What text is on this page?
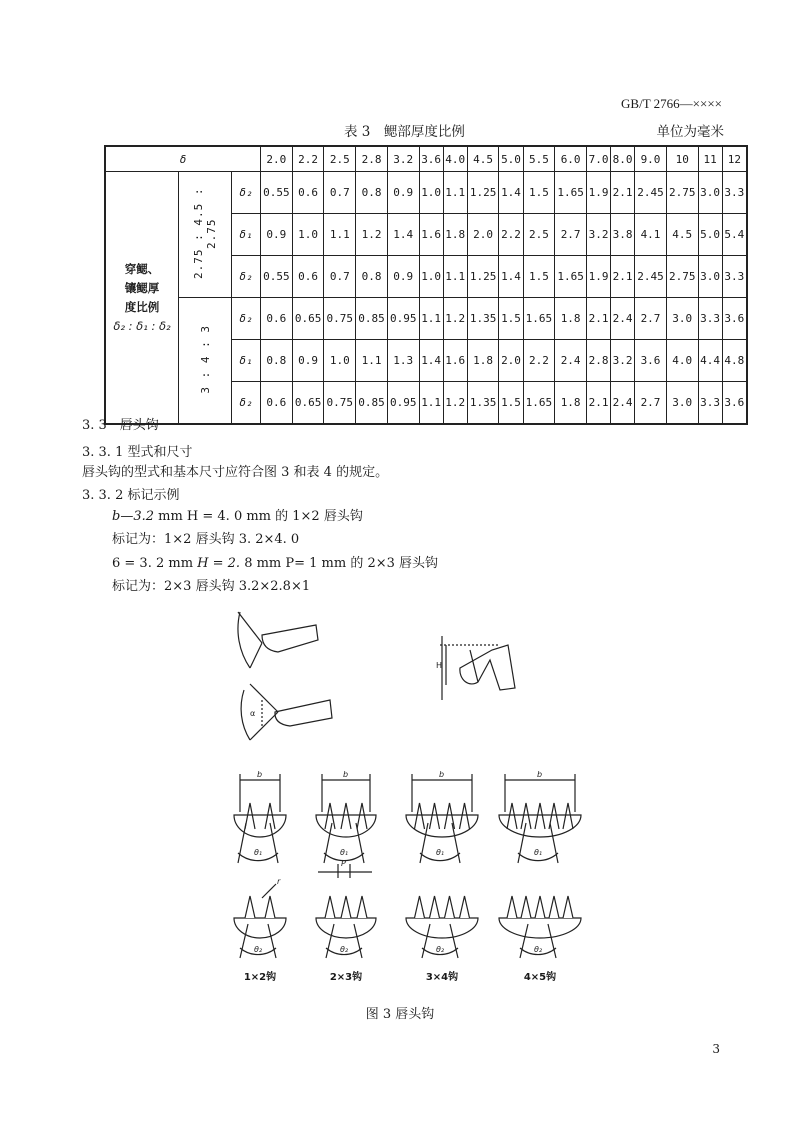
GB/T 2766—××××
表 3　鳃部厚度比例	单位为毫米
δ			2.0	2.2	2.5	2.8	3.2	3.6	4.0	4.5	5.0	5.5	6.0	7.0	8.0	9.0	10	11	12

穿鳃、
镶鳃厚
度比例
δ₂ : δ₁ : δ₂	2.75 : 4.5 : 2.75	δ₂	0.55	0.6	0.7	0.8	0.9	1.0	1.1	1.25	1.4	1.5	1.65	1.9	2.1	2.45	2.75	3.0	3.3
		δ₁	0.9	1.0	1.1	1.2	1.4	1.6	1.8	2.0	2.2	2.5	2.7	3.2	3.8	4.1	4.5	5.0	5.4
		δ₂	0.55	0.6	0.7	0.8	0.9	1.0	1.1	1.25	1.4	1.5	1.65	1.9	2.1	2.45	2.75	3.0	3.3
	3 : 4 : 3	δ₂	0.6	0.65	0.75	0.85	0.95	1.1	1.2	1.35	1.5	1.65	1.8	2.1	2.4	2.7	3.0	3.3	3.6
		δ₁	0.8	0.9	1.0	1.1	1.3	1.4	1.6	1.8	2.0	2.2	2.4	2.8	3.2	3.6	4.0	4.4	4.8
		δ₂	0.6	0.65	0.75	0.85	0.95	1.1	1.2	1.35	1.5	1.65	1.8	2.1	2.4	2.7	3.0	3.3	3.6
3. 3　唇头钩
3. 3. 1 型式和尺寸
唇头钩的型式和基本尺寸应符合图 3 和表 4 的规定。
3. 3. 2 标记示例
b—3.2 mm H = 4. 0 mm 的 1×2 唇头钩
标记为：1×2 唇头钩 3. 2×4. 0
6 = 3. 2 mm H = 2. 8 mm P= 1 mm 的 2×3 唇头钩
标记为：2×3 唇头钩 3.2×2.8×1
α
H
b
θ₁
b
θ₁
b
θ₁
b
θ₁
P
θ₂	θ₂	θ₂	θ₂
r
1×2钩	2×3钩	3×4钩	4×5钩
图 3 唇头钩
3
